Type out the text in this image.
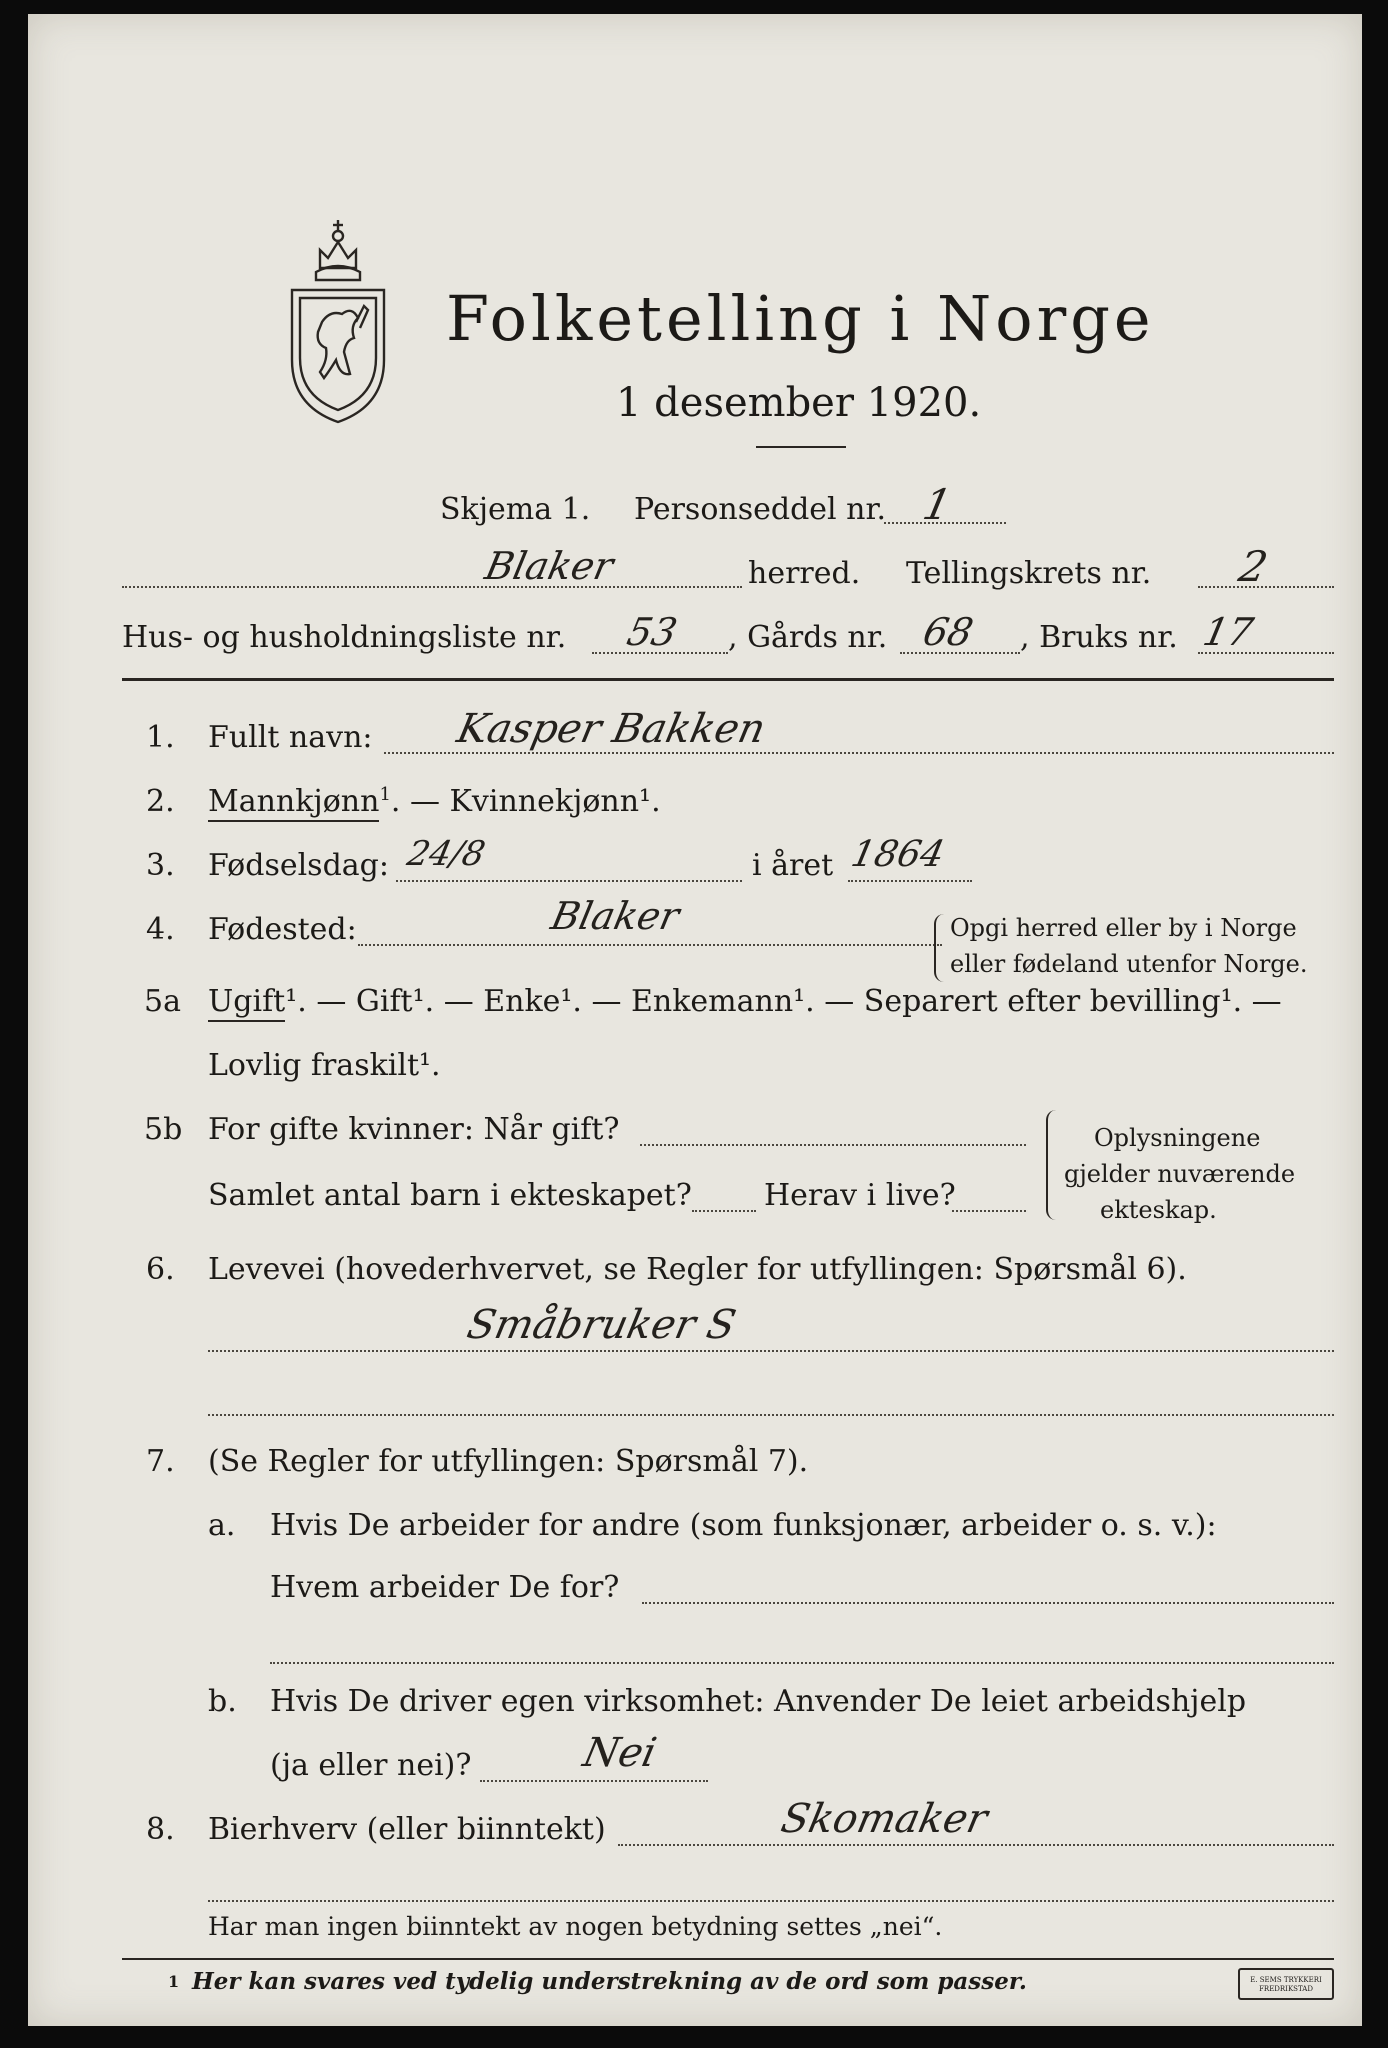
Folketelling i Norge
1 desember 1920.
Skjema 1. Personseddel nr. 1
Blaker	herred. Tellingskrets nr. 2
Hus- og husholdningsliste nr. 53 , Gårds nr. 68 , Bruks nr. 17
1. Fullt navn: Kasper Bakken
2. Mannkjønn$^1$. — Kvinnekjønn¹.
3. Fødselsdag: 24/8	i året 1864
4. Fødested:	Blaker	Opgi herred eller by i Norge
eller fødeland utenfor Norge.
5a Ugift¹. — Gift¹. — Enke¹. — Enkemann¹. — Separert efter bevilling¹. —
Lovlig fraskilt¹.
5b For gifte kvinner: Når gift?
Samlet antal barn i ekteskapet? Herav i live?
Oplysningene
gjelder nuværende
ekteskap.
6. Levevei (hovederhvervet, se Regler for utfyllingen: Spørsmål 6).
Småbruker S
7. (Se Regler for utfyllingen: Spørsmål 7).
a. Hvis De arbeider for andre (som funksjonær, arbeider o. s. v.):
Hvem arbeider De for?
b. Hvis De driver egen virksomhet: Anvender De leiet arbeidshjelp
(ja eller nei)?	Nei
8. Bierhverv (eller biinntekt)	Skomaker
Har man ingen biinntekt av nogen betydning settes „nei“.
1 Her kan svares ved tydelig understrekning av de ord som passer.	E. SEMS TRYKKERI FREDRIKSTAD
